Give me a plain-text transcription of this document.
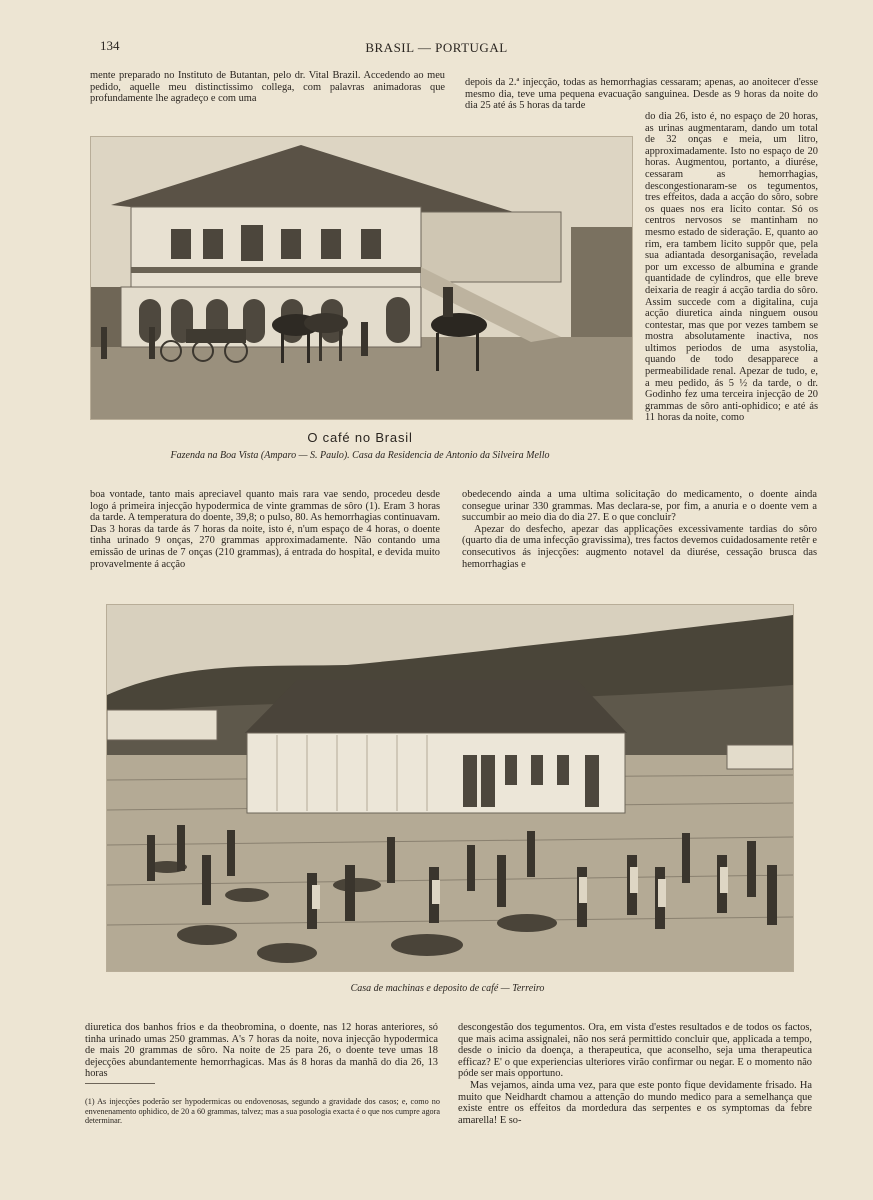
134	BRASIL — PORTUGAL

mente preparado no Instituto de Butantan, pelo dr. Vital Brazil. Accedendo ao meu pedido, aquelle meu distinctissimo collega, com palavras animadoras que profundamente lhe agradeço e com uma

depois da 2.ª injecção, todas as hemorrhagias cessaram; apenas, ao anoitecer d'esse mesmo dia, teve uma pequena evacuação sanguinea. Desde as 9 horas da noite do dia 25 até ás 5 horas da tarde

do dia 26, isto é, no espaço de 20 horas, as urinas augmentaram, dando um total de 32 onças e meia, um litro, approximadamente. Isto no espaço de 20 horas. Augmentou, portanto, a diurése, cessaram as hemorrhagias, descongestionaram-se os tegumentos, tres effeitos, dada a acção do sôro, sobre os quaes nos era licito contar. Só os centros nervosos se mantinham no mesmo estado de sideração. E, quanto ao rim, era tambem licito suppôr que, pela sua adiantada desorganisação, revelada por um excesso de albumina e grande quantidade de cylindros, que elle breve deixaria de reagir á acção tardia do sôro. Assim succede com a digitalina, cuja acção diuretica ainda ninguem ousou contestar, mas que por vezes tambem se mostra absolutamente inactiva, nos ultimos periodos de uma asystolia, quando de todo desapparece a permeabilidade renal. Apezar de tudo, e, a meu pedido, ás 5 ½ da tarde, o dr. Godinho fez uma terceira injecção de 20 grammas de sôro anti-ophidico; e até ás 11 horas da noite, como

O café no Brasil
Fazenda na Boa Vista (Amparo — S. Paulo). Casa da Residencia de Antonio da Silveira Mello

boa vontade, tanto mais apreciavel quanto mais rara vae sendo, procedeu desde logo á primeira injecção hypodermica de vinte grammas de sôro (1). Eram 3 horas da tarde. A temperatura do doente, 39,8; o pulso, 80. As hemorrhagias continuavam. Das 3 horas da tarde ás 7 horas da noite, isto é, n'um espaço de 4 horas, o doente tinha urinado 9 onças, 270 grammas approximadamente. Não contando uma emissão de urinas de 7 onças (210 grammas), á entrada do hospital, e devida muito provavelmente á acção

obedecendo ainda a uma ultima solicitação do medicamento, o doente ainda consegue urinar 330 grammas. Mas declara-se, por fim, a anuria e o doente vem a succumbir ao meio dia do dia 27. E o que concluir?

Apezar do desfecho, apezar das applicações excessivamente tardias do sôro (quarto dia de uma infecção gravissima), tres factos devemos cuidadosamente retêr e consecutivos ás injecções: augmento notavel da diurése, cessação brusca das hemorrhagias e

Casa de machinas e deposito de café — Terreiro

diuretica dos banhos frios e da theobromina, o doente, nas 12 horas anteriores, só tinha urinado umas 250 grammas. A's 7 horas da noite, nova injecção hypodermica de mais 20 grammas de sôro. Na noite de 25 para 26, o doente teve umas 18 dejecções abundantemente hemorrhagicas. Mas ás 8 horas da manhã do dia 26, 13 horas

descongestão dos tegumentos. Ora, em vista d'estes resultados e de todos os factos, que mais acima assignalei, não nos será permittido concluir que, applicada a tempo, desde o inicio da doença, a therapeutica, que aconselho, seja uma therapeutica efficaz? E' o que experiencias ulteriores virão confirmar ou negar. E o momento não póde ser mais opportuno.

Mas vejamos, ainda uma vez, para que este ponto fique devidamente frisado. Ha muito que Neidhardt chamou a attenção do mundo medico para a semelhança que existe entre os effeitos da mordedura das serpentes e os symptomas da febre amarella! E so-

(1) As injecções poderão ser hypodermicas ou endovenosas, segundo a gravidade dos casos; e, como no envenenamento ophidico, de 20 a 60 grammas, talvez; mas a sua posologia exacta é o que nos cumpre agora determinar.
